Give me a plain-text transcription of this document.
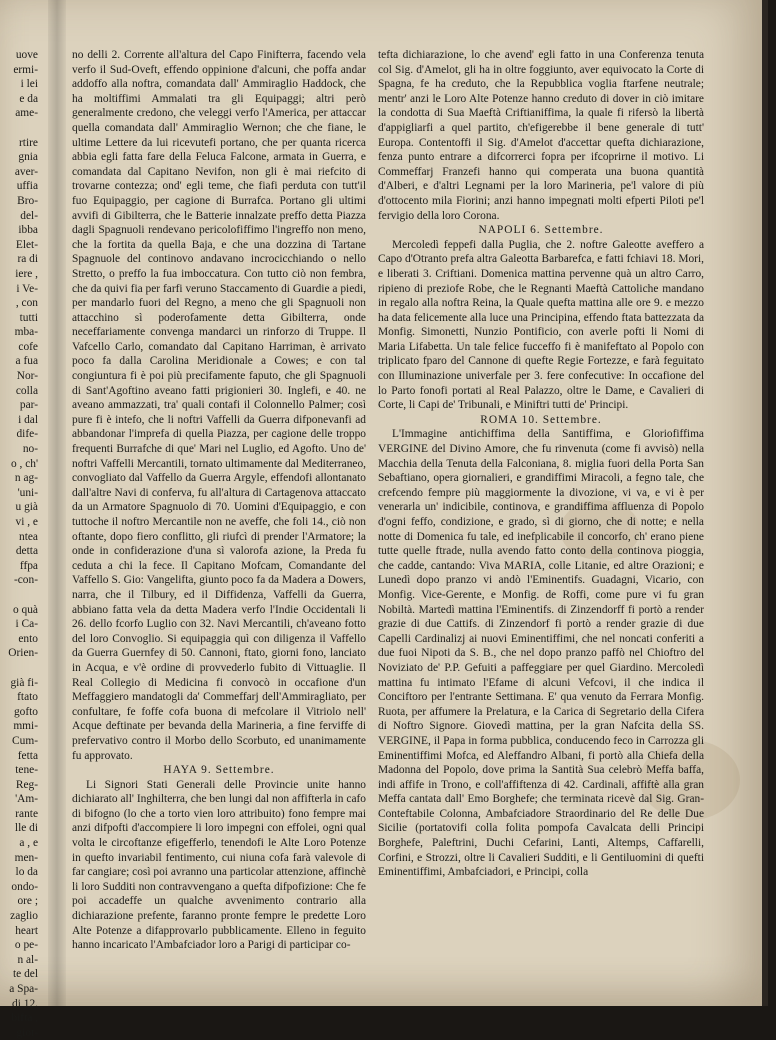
uove
ermi-
i lei
e da
ame-

rtire
gnia
aver-
uffia
Bro-
del-
ibba
Elet-
ra di
iere ,
i Ve-
, con
tutti
mba-
cofe
a fua
Nor-
colla
par-
i dal
dife-
no-
o , ch'
n ag-
'uni-
u già
vi , e
ntea
detta
ffpa
-con-

o quà
i Ca-
ento
Orien-

già fi-
ftato
gofto
mmi-
Cum-
fetta
tene-
Reg-
'Am-
rante
lle di
a , e
men-
lo da
ondo-
ore ;
zaglio
heart
o pe-
n al-
te del
a Spa-
di 12.
bifta ,
giot-

no delli 2. Corrente all'altura del Capo Finifterra, facendo vela verfo il Sud-Oveft, effendo oppinione d'alcuni, che poffa andar addoffo alla noftra, comandata dall' Ammiraglio Haddock, che ha moltiffimi Ammalati tra gli Equipaggi; altri però generalmente credono, che veleggi verfo l'America, per attaccar quella comandata dall' Ammiraglio Wernon; che che fiane, le ultime Lettere da lui ricevutefi portano, che per quanta ricerca abbia egli fatta fare della Feluca Falcone, armata in Guerra, e comandata dal Capitano Nevifon, non gli è mai riefcito di trovarne contezza; ond' egli teme, che fiafi perduta con tutt'il fuo Equipaggio, per cagione di Burrafca. Portano gli ultimi avvifi di Gibilterra, che le Batterie innalzate preffo detta Piazza dagli Spagnuoli rendevano pericolofiffimo l'ingreffo non meno, che la fortita da quella Baja, e che una dozzina di Tartane Spagnuole del continovo andavano incrocicchiando o nello Stretto, o preffo la fua imboccatura. Con tutto ciò non fembra, che da quivi fia per farfi veruno Staccamento di Guardie a piedi, per mandarlo fuori del Regno, a meno che gli Spagnuoli non attacchino sì poderofamente detta Gibilterra, onde neceffariamente convenga mandarci un rinforzo di Truppe. Il Vafcello Carlo, comandato dal Capitano Harriman, è arrivato poco fa dalla Carolina Meridionale a Cowes; e con tal congiuntura fi è poi più precifamente faputo, che gli Spagnuoli di Sant'Agoftino aveano fatti prigionieri 30. Inglefi, e 40. ne aveano ammazzati, tra' quali contafi il Colonnello Palmer; così pure fi è intefo, che li noftri Vaffelli da Guerra difponevanfi ad abbandonar l'imprefa di quella Piazza, per cagione delle troppo frequenti Burrafche di que' Mari nel Luglio, ed Agofto. Uno de' noftri Vaffelli Mercantili, tornato ultimamente dal Mediterraneo, convogliato dal Vaffello da Guerra Argyle, effendofi allontanato dall'altre Navi di conferva, fu all'altura di Cartagenova attaccato da un Armatore Spagnuolo di 70. Uomini d'Equipaggio, e con tuttoche il noftro Mercantile non ne aveffe, che foli 14., ciò non oftante, dopo fiero conflitto, gli riufcì di prender l'Armatore; la onde in confiderazione d'una sì valorofa azione, la Preda fu ceduta a chi la fece. Il Capitano Mofcam, Comandante del Vaffello S. Gio: Vangelifta, giunto poco fa da Madera a Dowers, narra, che il Tilbury, ed il Diffidenza, Vaffelli da Guerra, abbiano fatta vela da detta Madera verfo l'Indie Occidentali li 26. dello fcorfo Luglio con 32. Navi Mercantili, ch'aveano fotto del loro Convoglio. Si equipaggia quì con diligenza il Vaffello da Guerra Guernfey di 50. Cannoni, ftato, giorni fono, lanciato in Acqua, e v'è ordine di provvederlo fubito di Vittuaglie. Il Real Collegio di Medicina fi convocò in occafione d'un Meffaggiero mandatogli da' Commeffarj dell'Ammiragliato, per confultare, fe foffe cofa buona di mefcolare il Vitriolo nell' Acque deftinate per bevanda della Marineria, a fine ferviffe di prefervativo contro il Morbo dello Scorbuto, ed unanimamente fu approvato.

HAYA 9. Settembre.

Li Signori Stati Generali delle Provincie unite hanno dichiarato all' Inghilterra, che ben lungi dal non affifterla in cafo di bifogno (lo che a torto vien loro attribuito) fono fempre mai anzi difpofti d'accompiere li loro impegni con effolei, ogni qual volta le circoftanze efigefferlo, tenendofi le Alte Loro Potenze in quefto invariabil fentimento, cui niuna cofa farà valevole di far cangiare; così poi avranno una particolar attenzione, affinchè li loro Sudditi non contravvengano a quefta difpofizione: Che fe poi accadeffe un qualche avvenimento contrario alla dichiarazione prefente, faranno pronte fempre le predette Loro Alte Potenze a difapprovarlo pubblicamente. Elleno in feguito hanno incaricato l'Ambafciador loro a Parigi di participar co-

tefta dichiarazione, lo che avend' egli fatto in una Conferenza tenuta col Sig. d'Amelot, gli ha in oltre foggiunto, aver equivocato la Corte di Spagna, fe ha creduto, che la Repubblica voglia ftarfene neutrale; mentr' anzi le Loro Alte Potenze hanno creduto di dover in ciò imitare la condotta di Sua Maeftà Criftianiffima, la quale fi rifersò la libertà d'appigliarfi a quel partito, ch'efigerebbe il bene generale di tutt' Europa. Contentoffi il Sig. d'Amelot d'accettar quefta dichiarazione, fenza punto entrare a difcorrerci fopra per ifcoprirne il motivo. Li Commeffarj Franzefi hanno qui comperata una buona quantità d'Alberi, e d'altri Legnami per la loro Marineria, pe'l valore di più d'ottocento mila Fiorini; anzi hanno impegnati molti efperti Piloti pe'l fervigio della loro Corona.

NAPOLI 6. Settembre.

Mercoledì feppefi dalla Puglia, che 2. noftre Galeotte aveffero a Capo d'Otranto prefa altra Galeotta Barbarefca, e fatti fchiavi 18. Mori, e liberati 3. Criftiani. Domenica mattina pervenne quà un altro Carro, ripieno di preziofe Robe, che le Regnanti Maeftà Cattoliche mandano in regalo alla noftra Reina, la Quale quefta mattina alle ore 9. e mezzo ha data felicemente alla luce una Principina, effendo ftata battezzata da Monfig. Simonetti, Nunzio Pontificio, con averle pofti li Nomi di Maria Lifabetta. Un tale felice fucceffo fi è manifeftato al Popolo con triplicato fparo del Cannone di quefte Regie Fortezze, e farà feguitato con Illuminazione univerfale per 3. fere confecutive: In occafione del lo Parto fonofi portati al Real Palazzo, oltre le Dame, e Cavalieri di Corte, li Capi de' Tribunali, e Miniftri tutti de' Principi.

ROMA 10. Settembre.

L'Immagine antichiffima della Santiffima, e Gloriofiffima VERGINE del Divino Amore, che fu rinvenuta (come fi avvisò) nella Macchia della Tenuta della Falconiana, 8. miglia fuori della Porta San Sebaftiano, opera giornalieri, e grandiffimi Miracoli, a fegno tale, che crefcendo fempre più maggiormente la divozione, vi va, e vi è per venerarla un' indicibile, continova, e grandiffima affluenza di Popolo d'ogni feffo, condizione, e grado, sì di giorno, che di notte; e nella notte di Domenica fu tale, ed inefplicabile il concorfo, ch' erano piene tutte quelle ftrade, nulla avendo fatto conto della continova pioggia, che cadde, cantando: Viva MARIA, colle Litanie, ed altre Orazioni; e Lunedì dopo pranzo vi andò l'Eminentifs. Guadagni, Vicario, con Monfig. Vice-Gerente, e Monfig. de Roffi, come pure vi fu gran Nobiltà. Martedì mattina l'Eminentifs. di Zinzendorff fi portò a render grazie di due Cattifs. di Zinzendorf fi portò a render grazie di due Capelli Cardinalizj ai nuovi Eminentiffimi, che nel noncati conferiti a due fuoi Nipoti da S. B., che nel dopo pranzo paffò nel Chioftro del Noviziato de' P.P. Gefuiti a paffeggiare per quel Giardino. Mercoledì mattina fu intimato l'Efame di alcuni Vefcovi, il che indica il Conciftoro per l'entrante Settimana. E' qua venuto da Ferrara Monfig. Ruota, per affumere la Prelatura, e la Carica di Segretario della Cifera di Noftro Signore. Giovedì mattina, per la gran Nafcita della SS. VERGINE, il Papa in forma pubblica, conducendo feco in Carrozza gli Eminentiffimi Mofca, ed Aleffandro Albani, fi portò alla Chiefa della Madonna del Popolo, dove prima la Santità Sua celebrò Meffa baffa, indi affife in Trono, e coll'affiftenza di 42. Cardinali, affiftè alla gran Meffa cantata dall' Emo Borghefe; che terminata ricevè dal Sig. Gran-Conteftabile Colonna, Ambafciadore Straordinario del Re delle Due Sicilie (portatovifi colla folita pompofa Cavalcata delli Principi Borghefe, Paleftrini, Duchi Cefarini, Lanti, Altemps, Caffarelli, Corfini, e Strozzi, oltre li Cavalieri Sudditi, e li Gentiluomini di quefti Eminentiffimi, Ambafciadori, e Principi, colla
